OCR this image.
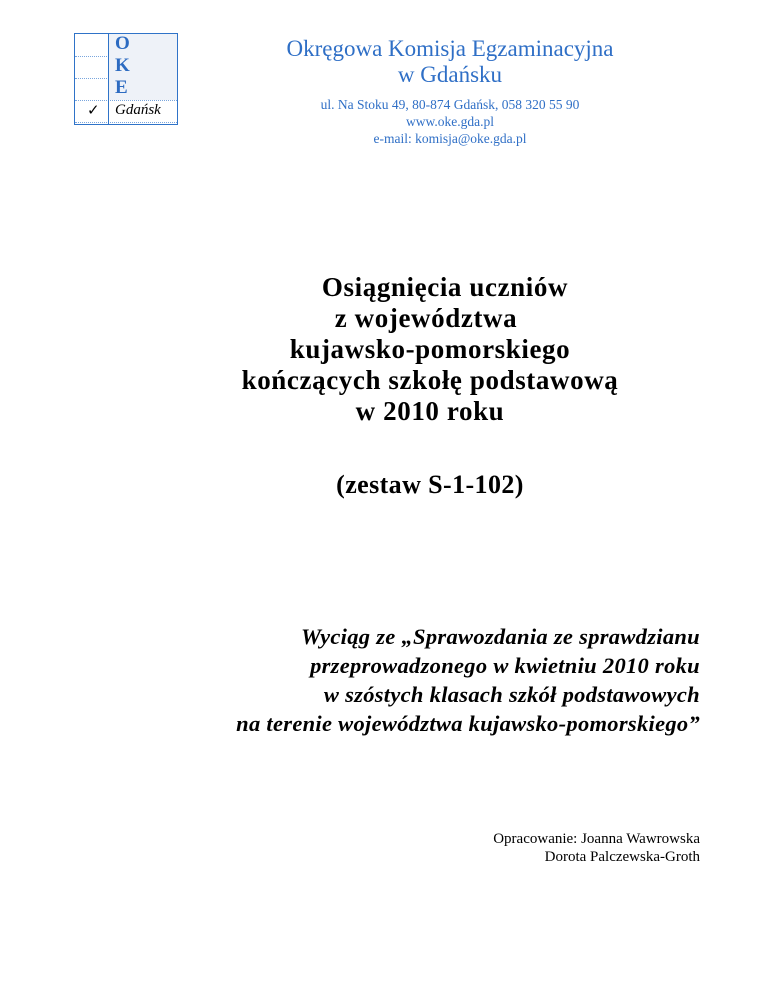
O
K
E
✓ Gdańsk
Okręgowa Komisja Egzaminacyjna
w Gdańsku
ul. Na Stoku 49, 80-874 Gdańsk, 058 320 55 90
www.oke.gda.pl
e-mail: komisja@oke.gda.pl
Osiągnięcia uczniów
z województwa
kujawsko-pomorskiego
kończących szkołę podstawową
w 2010 roku
(zestaw S-1-102)
Wyciąg ze „Sprawozdania ze sprawdzianu
przeprowadzonego w kwietniu 2010 roku
w szóstych klasach szkół podstawowych
na terenie województwa kujawsko-pomorskiego”
Opracowanie: Joanna Wawrowska
Dorota Palczewska-Groth
